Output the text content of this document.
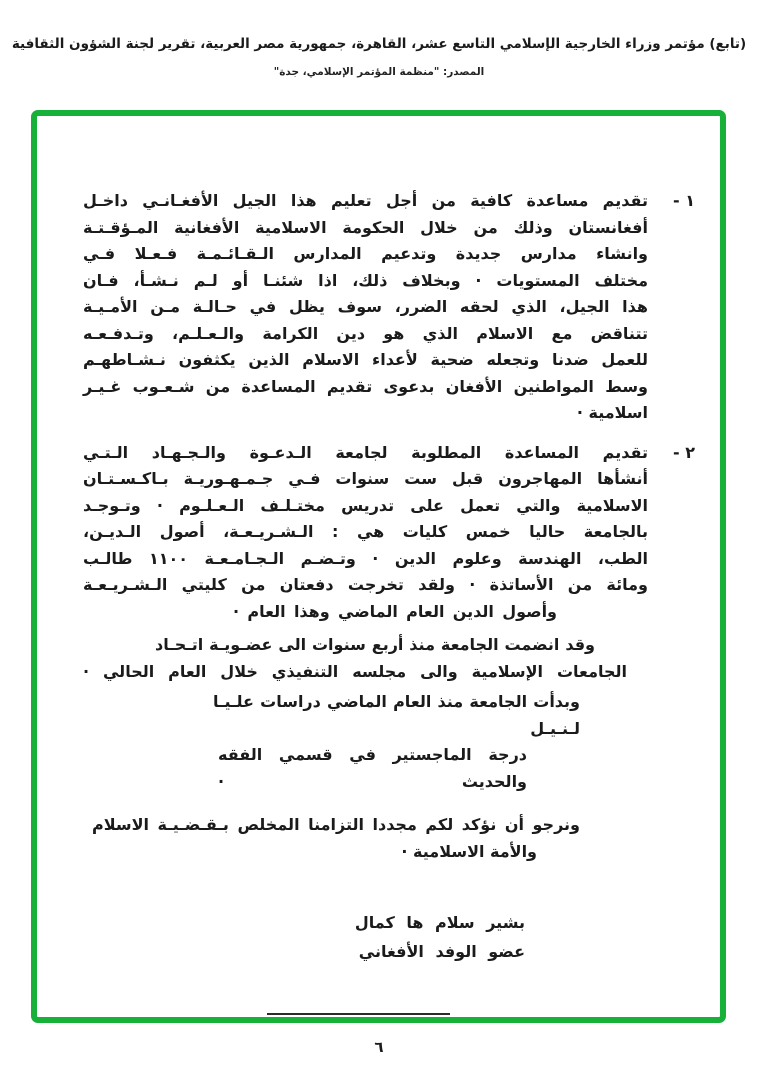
(تابع) مؤتمر وزراء الخارجية الإسلامي التاسع عشر، القاهرة، جمهورية مصر العربية، تقرير لجنة الشؤون الثقافية
المصدر: "منظمة المؤتمر الإسلامي، جدة"
١ -
تقديم مساعدة كافية من أجل تعليم هذا الجيل الأفغـانـي داخـل
أفغانستان وذلك من خلال الحكومة الاسلامية الأفغانية المـؤقـتـة
وانشاء مدارس جديدة وتدعيم المدارس الـقـائـمـة فـعـلا فـي
مختلف المستويات · وبخلاف ذلك، اذا شئنـا أو لـم نـشـأ، فـان
هذا الجيل، الذي لحقه الضرر، سوف يظل في حـالـة مـن الأمـيـة
تتناقض مع الاسلام الذي هو دين الكرامة والـعـلـم، وتـدفـعـه
للعمل ضدنا وتجعله ضحية لأعداء الاسلام الذين يكثفون نـشـاطهـم
وسط المواطنين الأفغان بدعوى تقديم المساعدة من شـعـوب غـيـر
اسلامية ·
٢ -
تقديم المساعدة المطلوبة لجامعة الـدعـوة والـجـهـاد الـتـي
أنشأها المهاجرون قبل ست سنوات فـي جـمـهـوريـة بـاكـسـتـان
الاسلامية والتي تعمل على تدريس مختـلـف الـعـلـوم · وتـوجـد
بالجامعة حاليا خمس كليات هي : الـشـريـعـة، أصول الـديـن،
الطب، الهندسة وعلوم الدين · وتـضـم الـجـامـعـة ١١٠٠ طالـب
ومائة من الأساتذة · ولقد تخرجت دفعتان من كليتي الـشـريـعـة
وأصول الدين العام الماضي وهذا العام ·
وقد انضمت الجامعة منذ أربع سنوات الى عضـويـة اتـحـاد
الجامعات الإسلامية والى مجلسه التنفيذي خلال العام الحالي ·
وبدأت الجامعة منذ العام الماضي دراسات علـيـا لـنـيـل
درجة الماجستير في قسمي الفقه والحديث ·
ونرجو أن نؤكد لكم مجددا التزامنا المخلص بـقـضـيـة الاسلام
والأمة الاسلامية ·
بشير سلام ها كمال
عضو الوفد الأفغاني
٦
